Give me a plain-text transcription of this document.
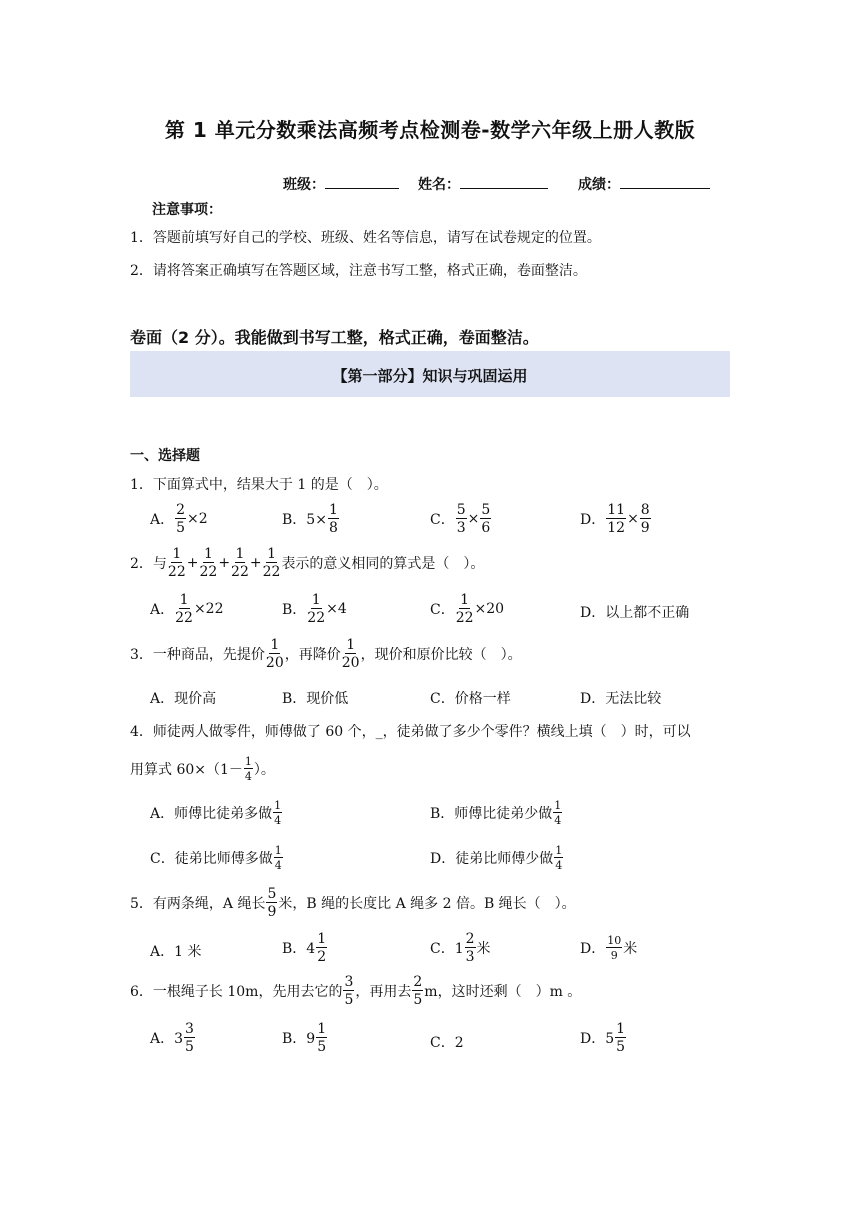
第 1 单元分数乘法高频考点检测卷-数学六年级上册人教版
班级：	姓名：	成绩：
注意事项：
1．答题前填写好自己的学校、班级、姓名等信息，请写在试卷规定的位置。
2．请将答案正确填写在答题区域，注意书写工整，格式正确，卷面整洁。
卷面（2 分）。我能做到书写工整，格式正确，卷面整洁。
【第一部分】知识与巩固运用
一、选择题
1．下面算式中，结果大于 1 的是（　）。
A． $\frac{2}{5} \times 2$	B．$5\times \frac{1}{8}$	C． $\frac{5}{3} \times \frac{5}{6}$	D． $\frac{11}{12} \times \frac{8}{9}$
2．与 $\frac{1}{22} + \frac{1}{22} + \frac{1}{22} + \frac{1}{22}$ 表示的意义相同的算式是（　）。
A． $\frac{1}{22} \times 22$	B． $\frac{1}{22} \times 4$	C． $\frac{1}{22} \times 20$	D．以上都不正确
3．一种商品，先提价 $\frac{1}{20}$ ，再降价 $\frac{1}{20}$ ，现价和原价比较（　）。
A．现价高	B．现价低	C．价格一样	D．无法比较
4．师徒两人做零件，师傅做了 60 个，_，徒弟做了多少个零件？横线上填（　）时，可以
用算式 $60\times(1- \frac{1}{4}$ ）。
A．师傅比徒弟多做 $\frac{1}{4}$	B．师傅比徒弟少做 $\frac{1}{4}$
C．徒弟比师傅多做 $\frac{1}{4}$	D．徒弟比师傅少做 $\frac{1}{4}$
5．有两条绳，A 绳长 $\frac{5}{9}$ 米，B 绳的长度比 A 绳多 2 倍。B 绳长（　）。
A．1 米	B．$4 \frac{1}{2}$	C．$1 \frac{2}{3}$ 米	D． $\frac{10}{9}$ 米
6．一根绳子长 10m，先用去它的 $\frac{3}{5}$ ，再用去 $\frac{2}{5}$ m，这时还剩（　）m 。
A．$3 \frac{3}{5}$	B．$9 \frac{1}{5}$	C．2	D．$5 \frac{1}{5}$
